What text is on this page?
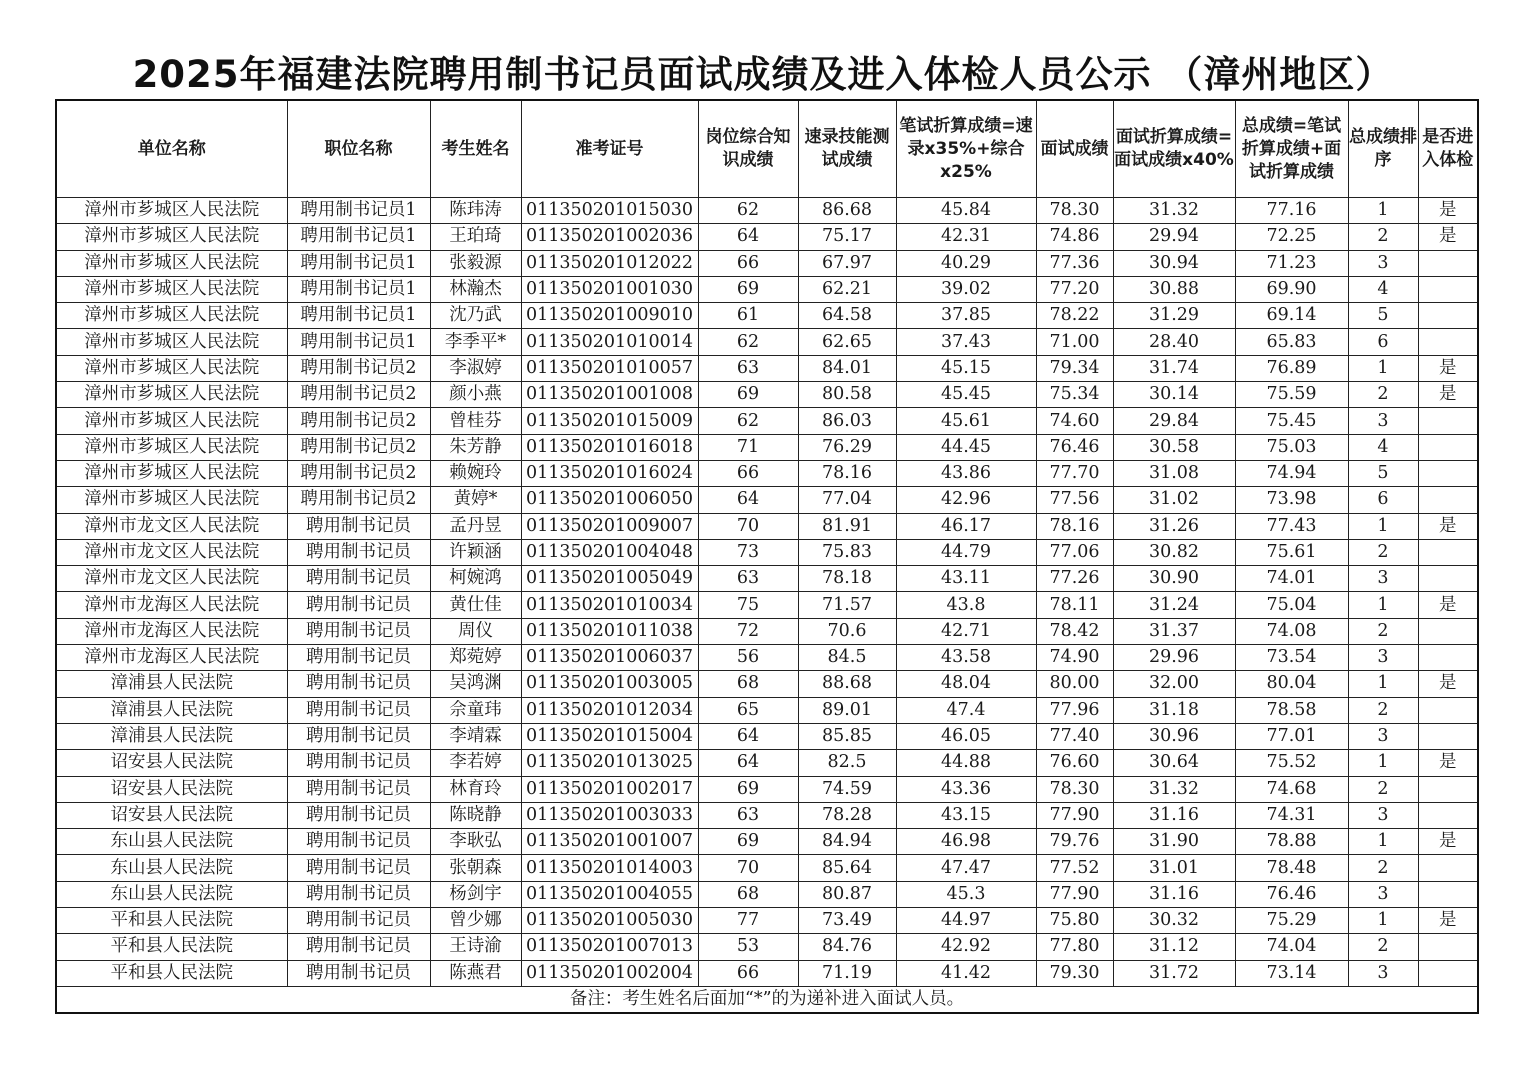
2025年福建法院聘用制书记员面试成绩及进入体检人员公示 （漳州地区）
单位名称	职位名称	考生姓名	准考证号	岗位综合知识成绩	速录技能测试成绩	笔试折算成绩=速录x35%+综合x25%	面试成绩	面试折算成绩=面试成绩x40%	总成绩=笔试折算成绩+面试折算成绩	总成绩排序	是否进入体检
漳州市芗城区人民法院	聘用制书记员1	陈玮涛	011350201015030	62	86.68	45.84	78.30	31.32	77.16	1	是
漳州市芗城区人民法院	聘用制书记员1	王珀琦	011350201002036	64	75.17	42.31	74.86	29.94	72.25	2	是
漳州市芗城区人民法院	聘用制书记员1	张毅源	011350201012022	66	67.97	40.29	77.36	30.94	71.23	3	
漳州市芗城区人民法院	聘用制书记员1	林瀚杰	011350201001030	69	62.21	39.02	77.20	30.88	69.90	4	
漳州市芗城区人民法院	聘用制书记员1	沈乃武	011350201009010	61	64.58	37.85	78.22	31.29	69.14	5	
漳州市芗城区人民法院	聘用制书记员1	李季平*	011350201010014	62	62.65	37.43	71.00	28.40	65.83	6	
漳州市芗城区人民法院	聘用制书记员2	李淑婷	011350201010057	63	84.01	45.15	79.34	31.74	76.89	1	是
漳州市芗城区人民法院	聘用制书记员2	颜小燕	011350201001008	69	80.58	45.45	75.34	30.14	75.59	2	是
漳州市芗城区人民法院	聘用制书记员2	曾桂芬	011350201015009	62	86.03	45.61	74.60	29.84	75.45	3	
漳州市芗城区人民法院	聘用制书记员2	朱芳静	011350201016018	71	76.29	44.45	76.46	30.58	75.03	4	
漳州市芗城区人民法院	聘用制书记员2	赖婉玲	011350201016024	66	78.16	43.86	77.70	31.08	74.94	5	
漳州市芗城区人民法院	聘用制书记员2	黄婷*	011350201006050	64	77.04	42.96	77.56	31.02	73.98	6	
漳州市龙文区人民法院	聘用制书记员	孟丹昱	011350201009007	70	81.91	46.17	78.16	31.26	77.43	1	是
漳州市龙文区人民法院	聘用制书记员	许颖涵	011350201004048	73	75.83	44.79	77.06	30.82	75.61	2	
漳州市龙文区人民法院	聘用制书记员	柯婉鸿	011350201005049	63	78.18	43.11	77.26	30.90	74.01	3	
漳州市龙海区人民法院	聘用制书记员	黄仕佳	011350201010034	75	71.57	43.8	78.11	31.24	75.04	1	是
漳州市龙海区人民法院	聘用制书记员	周仪	011350201011038	72	70.6	42.71	78.42	31.37	74.08	2	
漳州市龙海区人民法院	聘用制书记员	郑菀婷	011350201006037	56	84.5	43.58	74.90	29.96	73.54	3	
漳浦县人民法院	聘用制书记员	吴鸿渊	011350201003005	68	88.68	48.04	80.00	32.00	80.04	1	是
漳浦县人民法院	聘用制书记员	佘童玮	011350201012034	65	89.01	47.4	77.96	31.18	78.58	2	
漳浦县人民法院	聘用制书记员	李靖霖	011350201015004	64	85.85	46.05	77.40	30.96	77.01	3	
诏安县人民法院	聘用制书记员	李若婷	011350201013025	64	82.5	44.88	76.60	30.64	75.52	1	是
诏安县人民法院	聘用制书记员	林育玲	011350201002017	69	74.59	43.36	78.30	31.32	74.68	2	
诏安县人民法院	聘用制书记员	陈晓静	011350201003033	63	78.28	43.15	77.90	31.16	74.31	3	
东山县人民法院	聘用制书记员	李耿弘	011350201001007	69	84.94	46.98	79.76	31.90	78.88	1	是
东山县人民法院	聘用制书记员	张朝森	011350201014003	70	85.64	47.47	77.52	31.01	78.48	2	
东山县人民法院	聘用制书记员	杨剑宇	011350201004055	68	80.87	45.3	77.90	31.16	76.46	3	
平和县人民法院	聘用制书记员	曾少娜	011350201005030	77	73.49	44.97	75.80	30.32	75.29	1	是
平和县人民法院	聘用制书记员	王诗渝	011350201007013	53	84.76	42.92	77.80	31.12	74.04	2	
平和县人民法院	聘用制书记员	陈燕君	011350201002004	66	71.19	41.42	79.30	31.72	73.14	3	
备注：考生姓名后面加“*”的为递补进入面试人员。											
